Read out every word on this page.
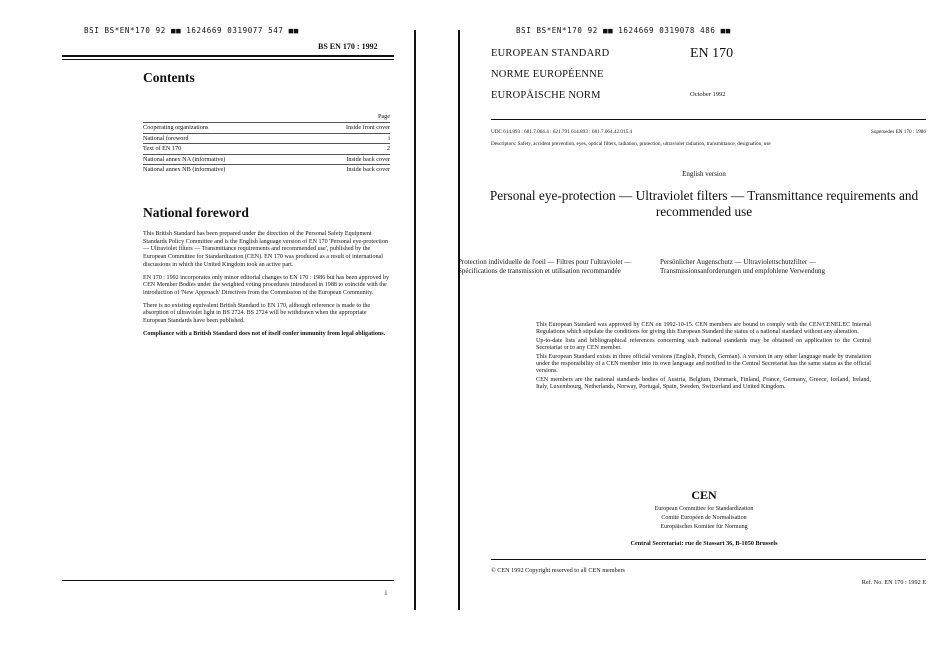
BSI BS*EN*170 92 ■■ 1624669 0319077 547 ■■
BS EN 170 : 1992
Contents
Page
Cooperating organizations	Inside front cover
National foreword	i
Text of EN 170	2
National annex NA (informative)	Inside back cover
National annex NB (informative)	Inside back cover
National foreword

This British Standard has been prepared under the direction of the Personal Safety Equipment Standards Policy Committee and is the English language version of EN 170 'Personal eye-protection — Ultraviolet filters — Transmittance requirements and recommended use', published by the European Committee for Standardization (CEN). EN 170 was produced as a result of international discussions in which the United Kingdom took an active part.

EN 170 : 1992 incorporates only minor editorial changes to EN 170 : 1986 but has been approved by CEN Member Bodies under the weighted voting procedures introduced in 1988 to coincide with the introduction of 'New Approach' Directives from the Commission of the European Community.

There is no existing equivalent British Standard to EN 170, although reference is made to the absorption of ultraviolet light in BS 2724. BS 2724 will be withdrawn when the appropriate European Standards have been published.

Compliance with a British Standard does not of itself confer immunity from legal obligations.

i
BSI BS*EN*170 92 ■■ 1624669 0319078 486 ■■
EUROPEAN STANDARD
NORME EUROPÉENNE
EUROPÄISCHE NORM
EN 170
October 1992
UDC 614.893 : 681.7.064.4 : 621.791 614.893 : 681.7.064.42.015.4	Supersedes EN 170 : 1986
Descriptors: Safety, accident prevention, eyes, optical filters, radiation, protection, ultraviolet radiation, transmittance, designation, use
English version
Personal eye-protection — Ultraviolet filters — Transmittance requirements and recommended use
Protection individuelle de l'oeil — Filtres pour l'ultraviolet — Spécifications de transmission et utilisation recommandée
Persönlicher Augenschutz — Ultraviolettschutzfilter — Transmissionsanforderungen und empfohlene Verwendung

This European Standard was approved by CEN on 1992-10-15. CEN members are bound to comply with the CEN/CENELEC Internal Regulations which stipulate the conditions for giving this European Standard the status of a national standard without any alteration.

Up-to-date lists and bibliographical references concerning such national standards may be obtained on application to the Central Secretariat or to any CEN member.

This European Standard exists in three official versions (English, French, German). A version in any other language made by translation under the responsibility of a CEN member into its own language and notified to the Central Secretariat has the same status as the official versions.

CEN members are the national standards bodies of Austria, Belgium, Denmark, Finland, France, Germany, Greece, Iceland, Ireland, Italy, Luxembourg, Netherlands, Norway, Portugal, Spain, Sweden, Switzerland and United Kingdom.

CEN
European Committee for Standardization
Comité Européen de Normalisation
Europäisches Komitee für Normung
Central Secretariat: rue de Stassart 36, B-1050 Brussels
© CEN 1992 Copyright reserved to all CEN members
Ref. No. EN 170 : 1992 E
